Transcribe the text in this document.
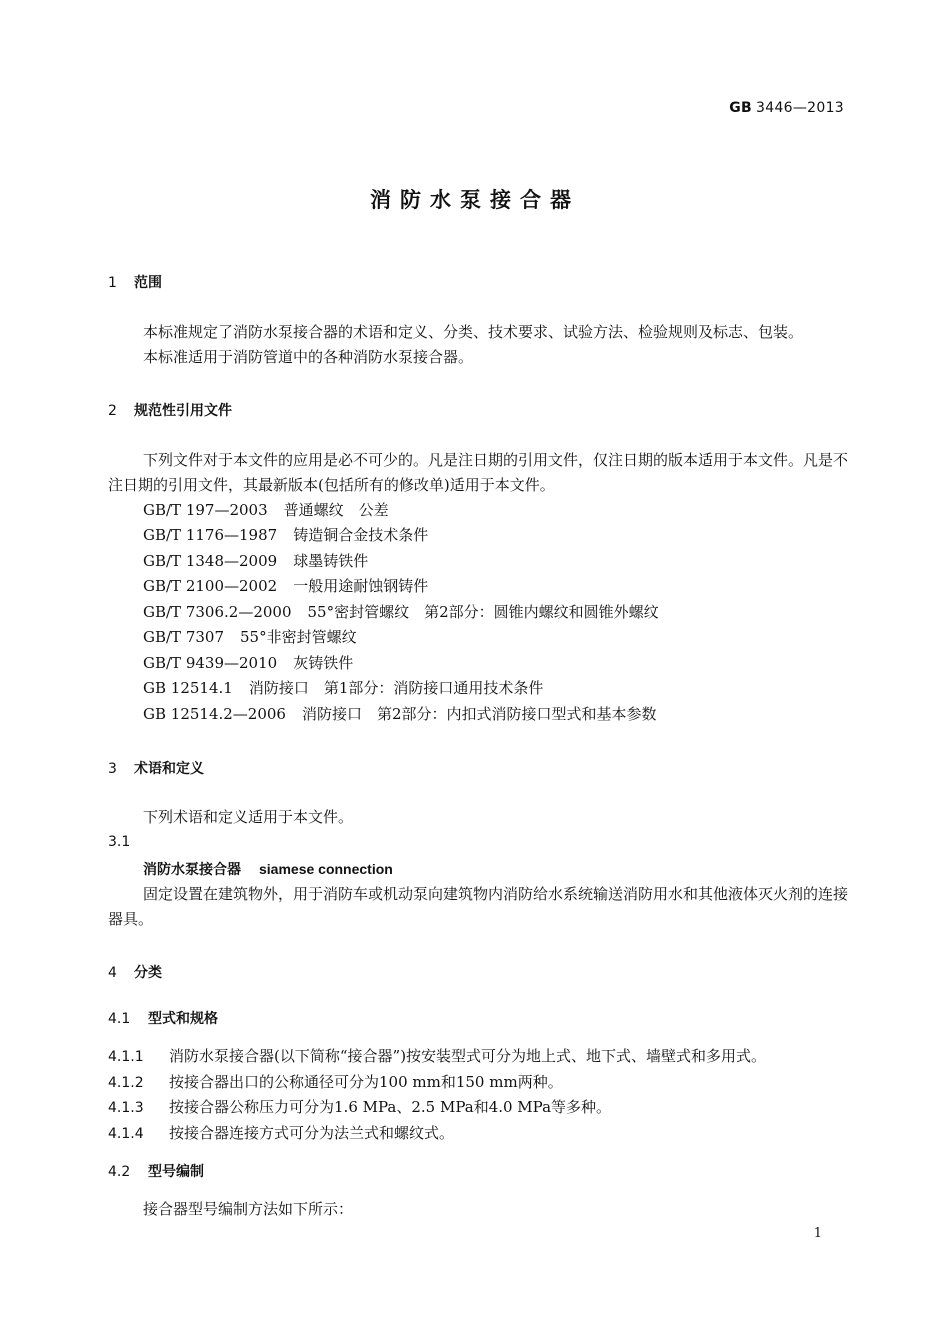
GB 3446—2013
消防水泵接合器
1 范围
本标准规定了消防水泵接合器的术语和定义、分类、技术要求、试验方法、检验规则及标志、包装。
本标准适用于消防管道中的各种消防水泵接合器。
2 规范性引用文件
下列文件对于本文件的应用是必不可少的。凡是注日期的引用文件，仅注日期的版本适用于本文件。凡是不注日期的引用文件，其最新版本(包括所有的修改单)适用于本文件。
GB/T 197—2003 普通螺纹　公差
GB/T 1176—1987 铸造铜合金技术条件
GB/T 1348—2009 球墨铸铁件
GB/T 2100—2002 一般用途耐蚀钢铸件
GB/T 7306.2—2000 55°密封管螺纹　第2部分：圆锥内螺纹和圆锥外螺纹
GB/T 7307 55°非密封管螺纹
GB/T 9439—2010 灰铸铁件
GB 12514.1 消防接口　第1部分：消防接口通用技术条件
GB 12514.2—2006 消防接口　第2部分：内扣式消防接口型式和基本参数
3 术语和定义
下列术语和定义适用于本文件。
3.1
消防水泵接合器 siamese connection
固定设置在建筑物外，用于消防车或机动泵向建筑物内消防给水系统输送消防用水和其他液体灭火剂的连接器具。
4 分类
4.1 型式和规格
4.1.1 消防水泵接合器(以下简称“接合器”)按安装型式可分为地上式、地下式、墙壁式和多用式。
4.1.2 按接合器出口的公称通径可分为100 mm和150 mm两种。
4.1.3 按接合器公称压力可分为1.6 MPa、2.5 MPa和4.0 MPa等多种。
4.1.4 按接合器连接方式可分为法兰式和螺纹式。
4.2 型号编制
接合器型号编制方法如下所示：
1
